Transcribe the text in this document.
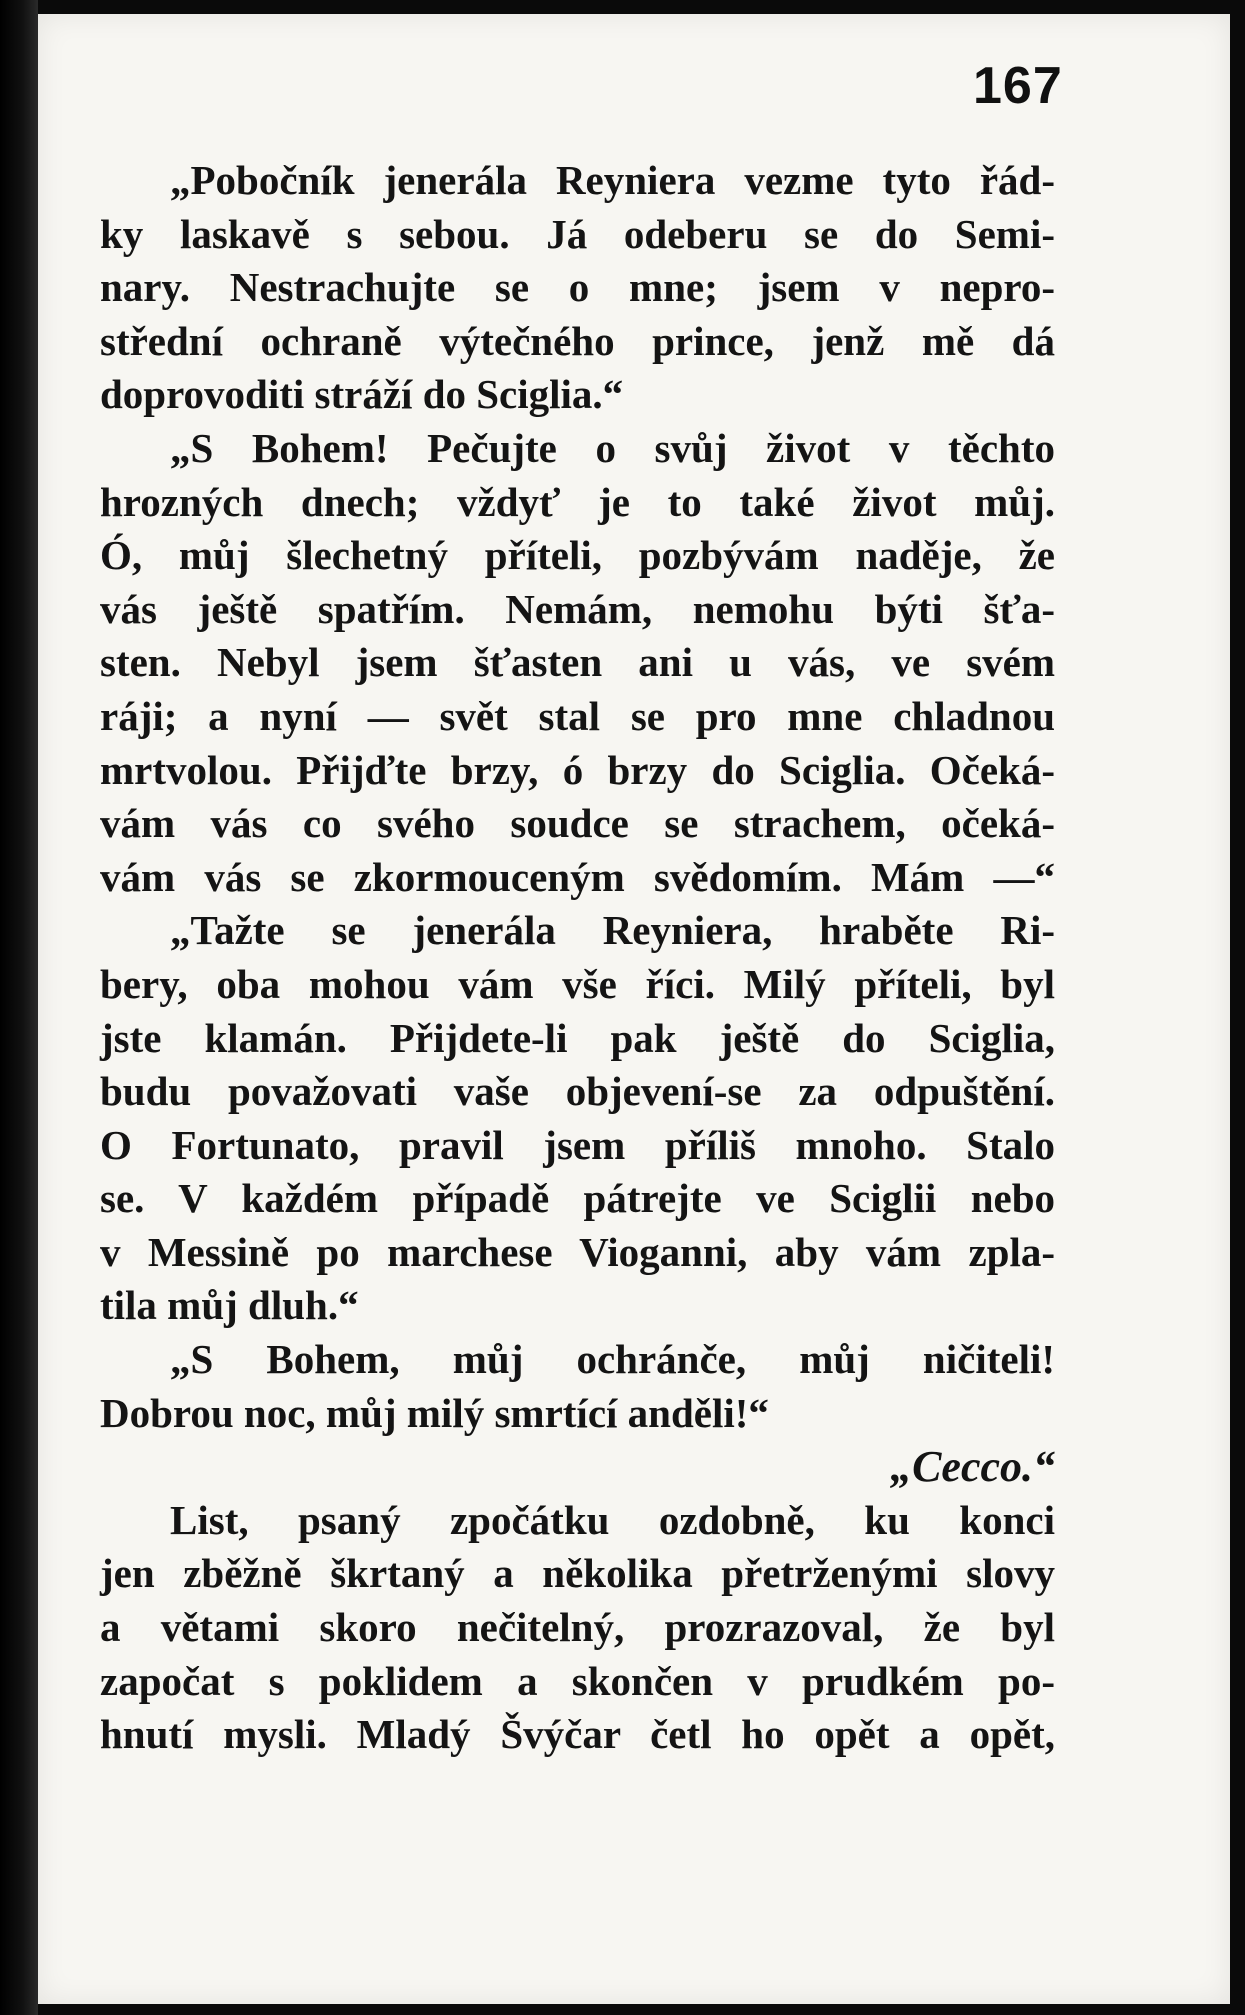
167
„Pobočník jenerála Reyniera vezme tyto řád-
ky laskavě s sebou. Já odeberu se do Semi-
nary. Nestrachujte se o mne; jsem v nepro-
střední ochraně výtečného prince, jenž mě dá
doprovoditi stráží do Sciglia.“
„S Bohem! Pečujte o svůj život v těchto
hrozných dnech; vždyť je to také život můj.
Ó, můj šlechetný příteli, pozbývám naděje, že
vás ještě spatřím. Nemám, nemohu býti šťa-
sten. Nebyl jsem šťasten ani u vás, ve svém
ráji; a nyní — svět stal se pro mne chladnou
mrtvolou. Přijďte brzy, ó brzy do Sciglia. Očeká-
vám vás co svého soudce se strachem, očeká-
vám vás se zkormouceným svědomím. Mám —“
„Tažte se jenerála Reyniera, hraběte Ri-
bery, oba mohou vám vše říci. Milý příteli, byl
jste klamán. Přijdete-li pak ještě do Sciglia,
budu považovati vaše objevení-se za odpuštění.
O Fortunato, pravil jsem příliš mnoho. Stalo
se. V každém případě pátrejte ve Sciglii nebo
v Messině po marchese Vioganni, aby vám zpla-
tila můj dluh.“
„S Bohem, můj ochránče, můj ničiteli!
Dobrou noc, můj milý smrtící anděli!“
„Cecco.“
List, psaný zpočátku ozdobně, ku konci
jen zběžně škrtaný a několika přetrženými slovy
a větami skoro nečitelný, prozrazoval, že byl
započat s poklidem a skončen v prudkém po-
hnutí mysli. Mladý Švýčar četl ho opět a opět,
